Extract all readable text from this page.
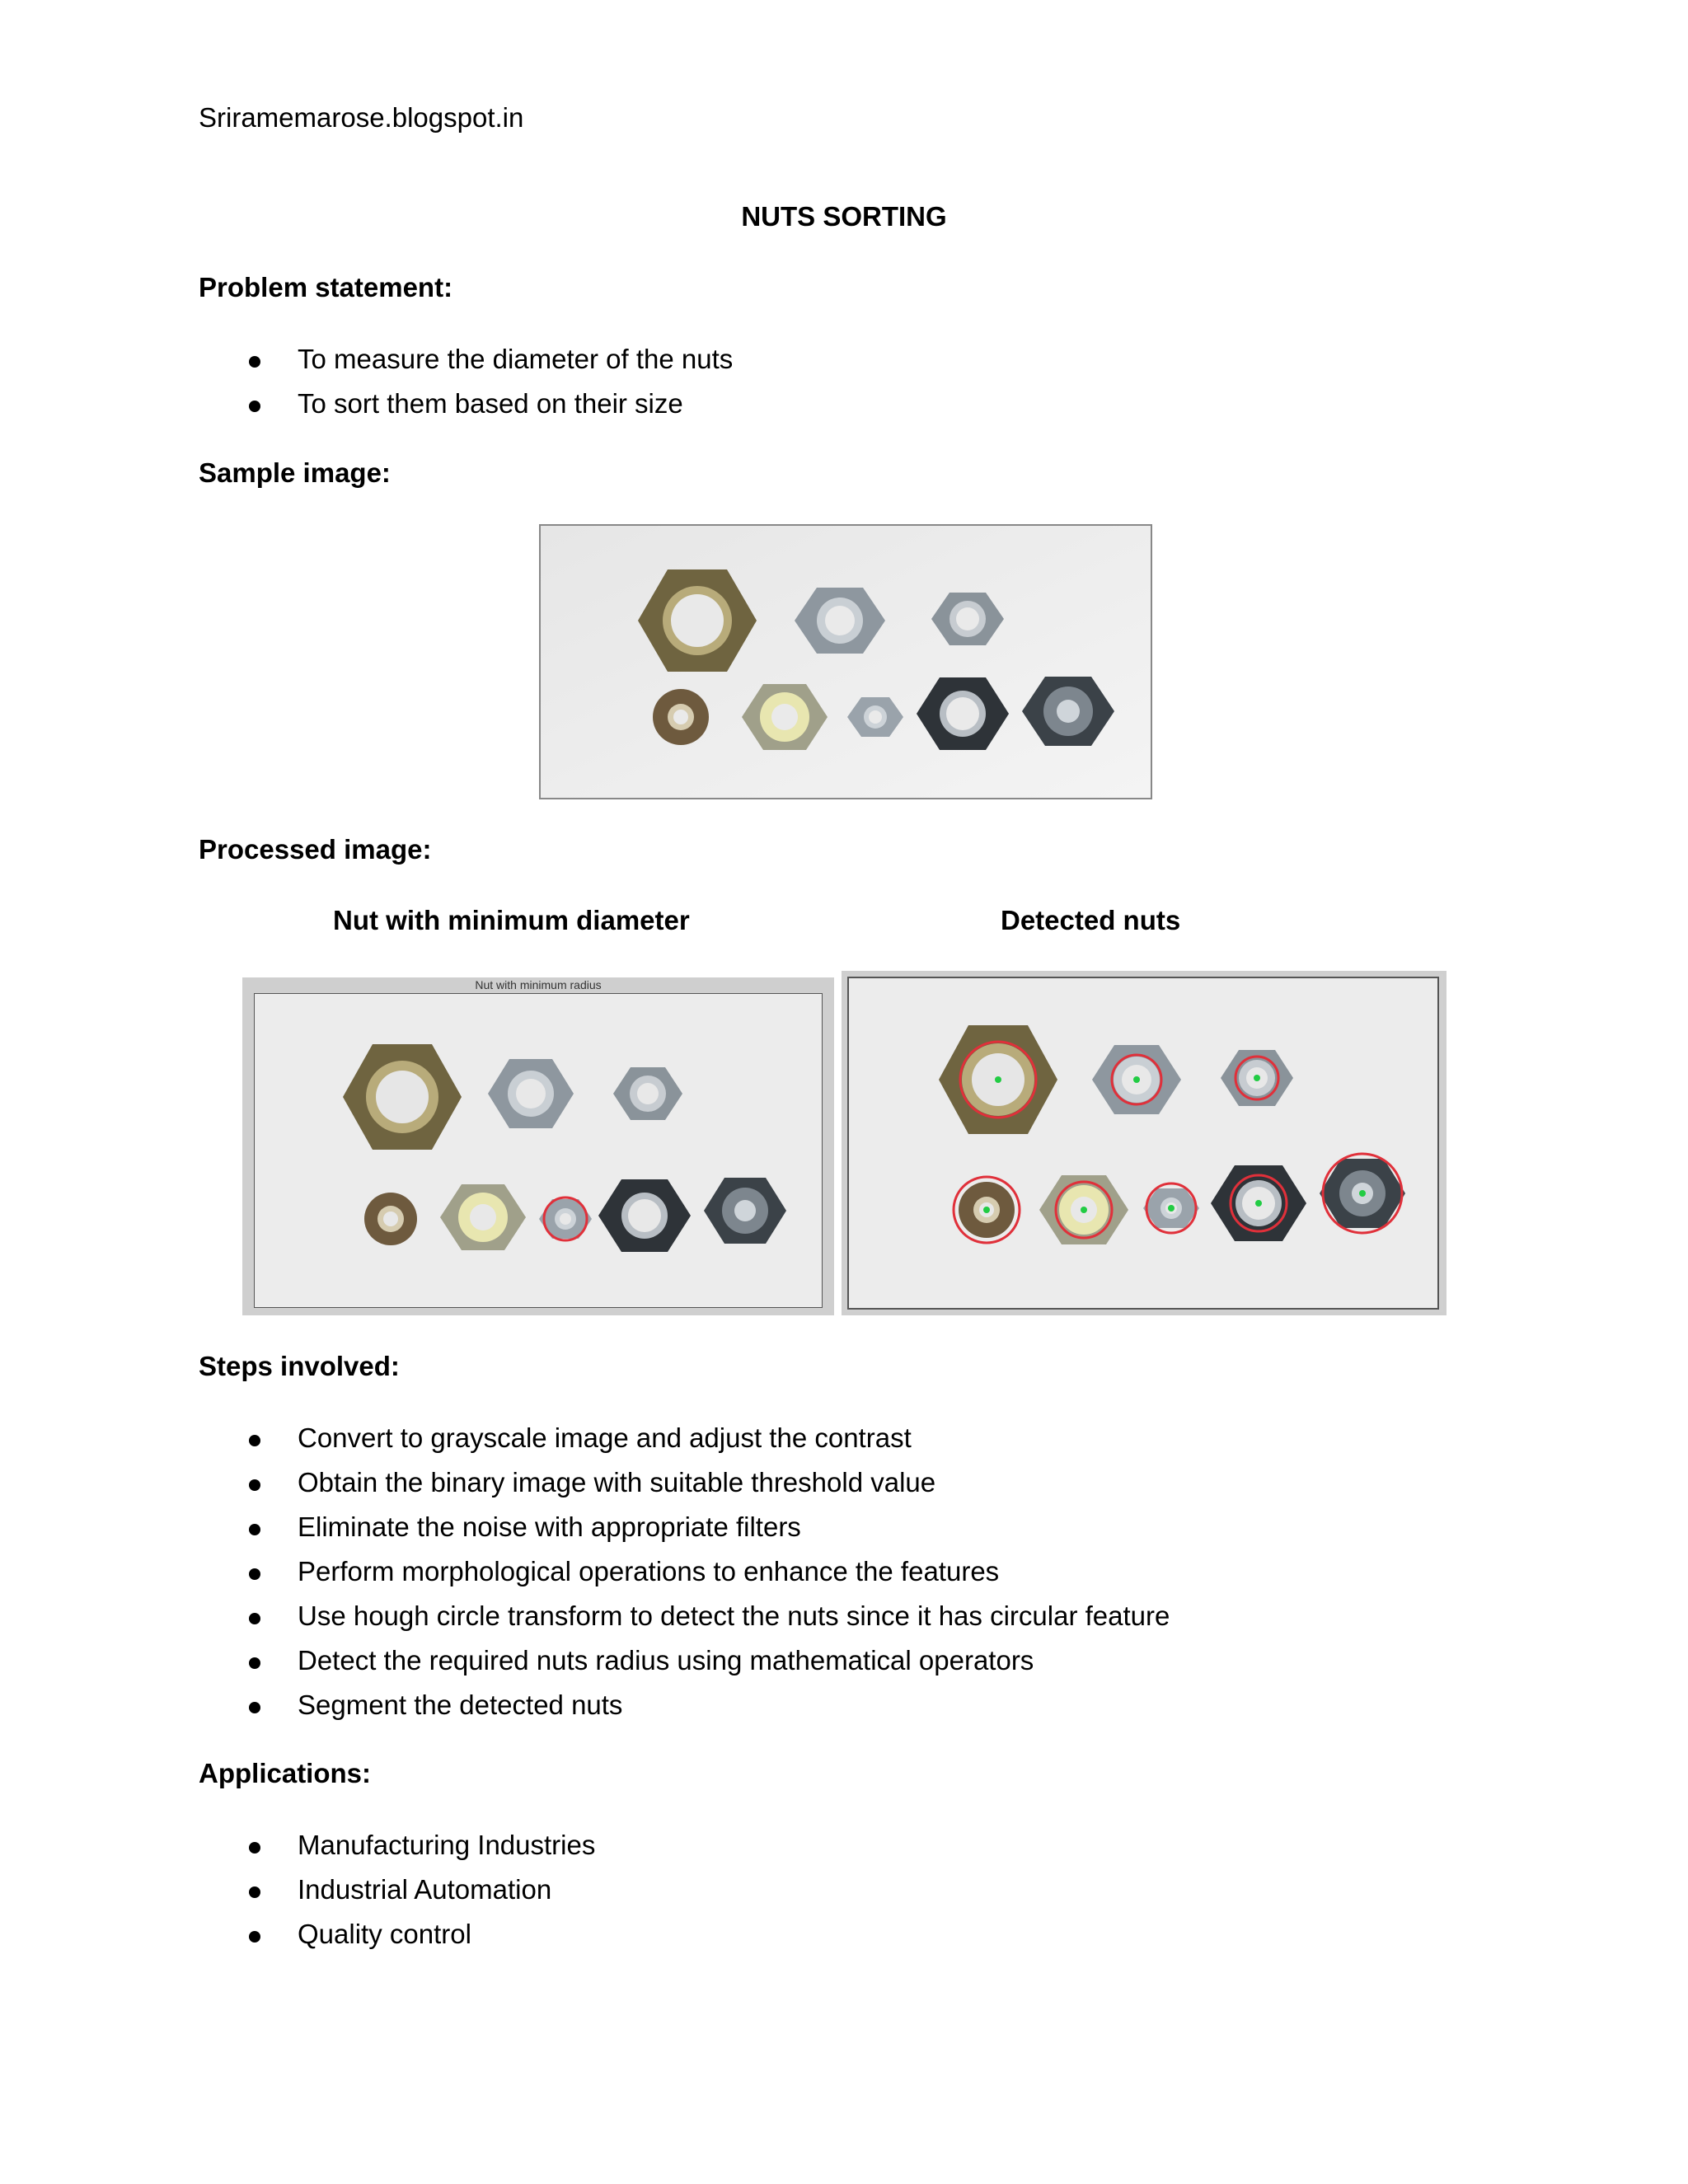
Sriramemarose.blogspot.in
NUTS SORTING
Problem statement:
To measure the diameter of the nuts
To sort them based on their size
Sample image:
Processed image:
Nut with minimum diameter	Detected nuts
Nut with minimum radius
Steps involved:
Convert to grayscale image and adjust the contrast
Obtain the binary image with suitable threshold value
Eliminate the noise with appropriate filters
Perform morphological operations to enhance the features
Use hough circle transform to detect the nuts since it has circular feature
Detect the required nuts radius using mathematical operators
Segment the detected nuts
Applications:
Manufacturing Industries
Industrial Automation
Quality control
